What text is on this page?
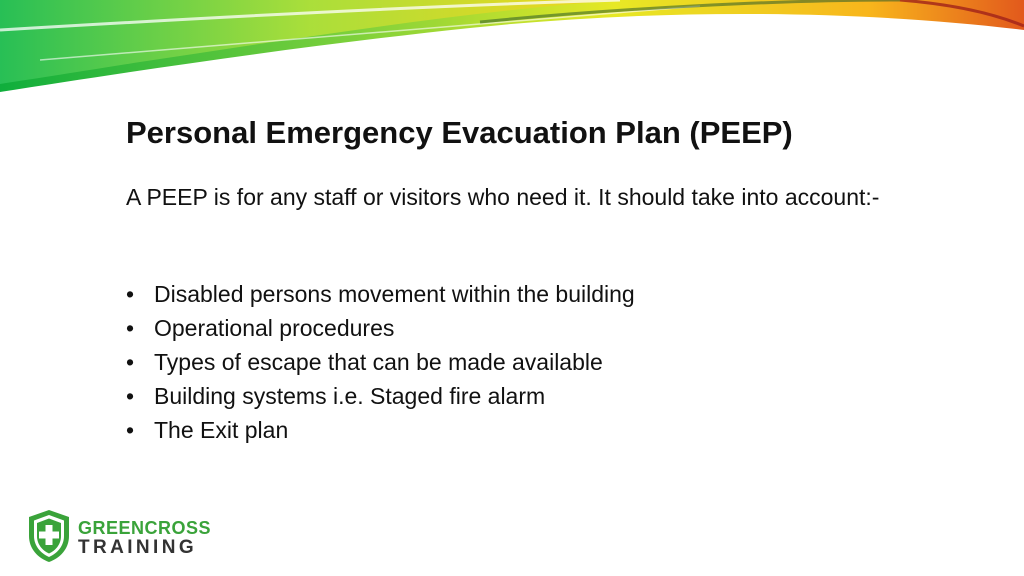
Personal Emergency Evacuation Plan (PEEP)
A PEEP is for any staff or visitors who need it. It should take into account:-
• Disabled persons movement within the building
• Operational procedures
• Types of escape that can be made available
• Building systems i.e. Staged fire alarm
• The Exit plan
GREENCROSS
TRAINING
